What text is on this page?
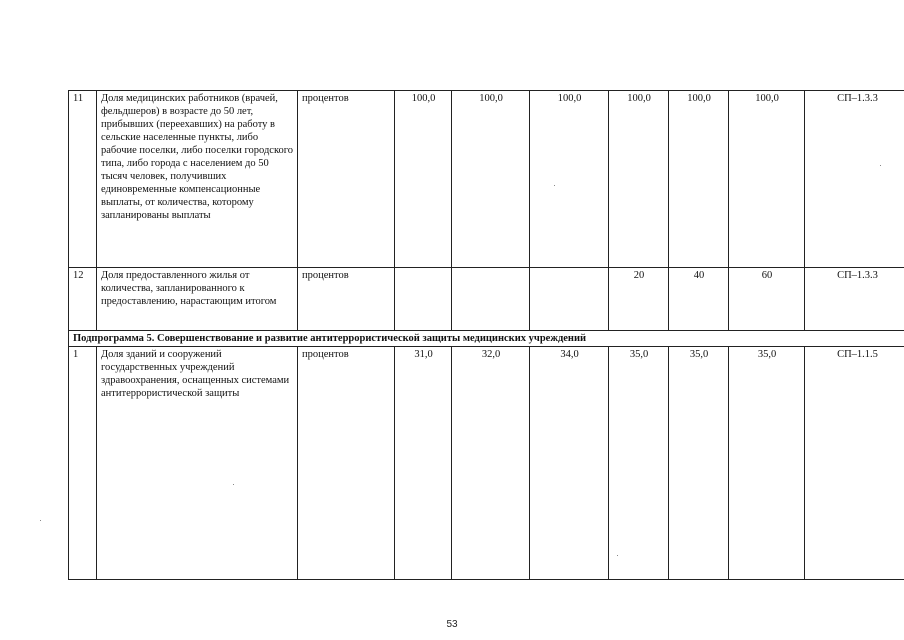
11	Доля медицинских работников (врачей, фельдшеров) в возрасте до 50 лет, прибывших (переехавших) на работу в сельские населенные пункты, либо рабочие поселки, либо поселки городского типа, либо города с населением до 50 тысяч человек, получивших единовременные компенсационные выплаты, от количества, которому запланированы выплаты	процентов	100,0	100,0	100,0	100,0	100,0	100,0	СП–1.3.3
12	Доля предоставленного жилья от количества, запланированного к предоставлению, нарастающим итогом	процентов				20	40	60	СП–1.3.3
Подпрограмма 5. Совершенствование и развитие антитеррористической защиты медицинских учреждений									
1	Доля зданий и сооружений государственных учреждений здравоохранения, оснащенных системами антитеррористической защиты	процентов	31,0	32,0	34,0	35,0	35,0	35,0	СП–1.1.5
53
